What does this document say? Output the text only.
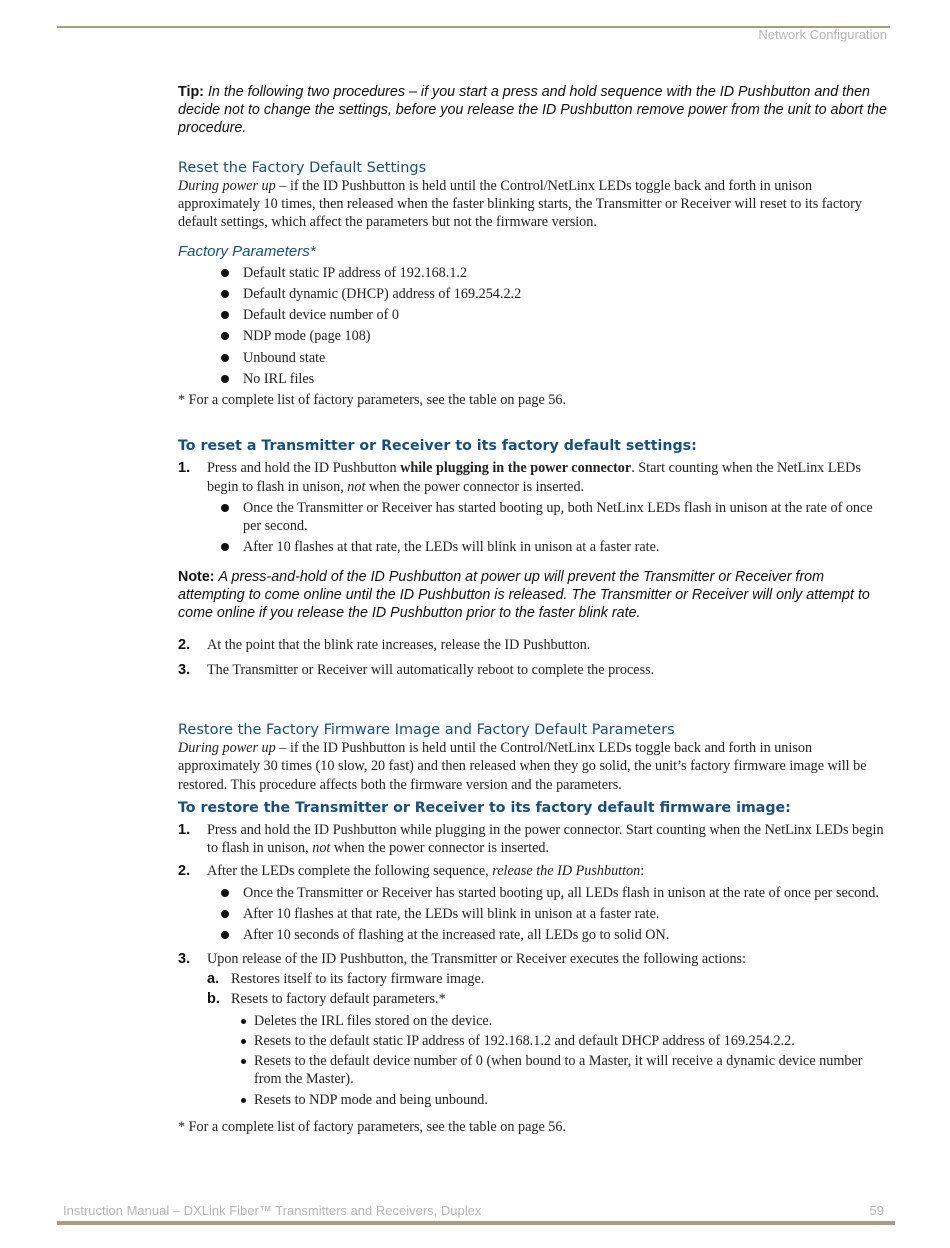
Network Configuration
Tip: In the following two procedures – if you start a press and hold sequence with the ID Pushbutton and then decide not to change the settings, before you release the ID Pushbutton remove power from the unit to abort the procedure.
Reset the Factory Default Settings

During power up – if the ID Pushbutton is held until the Control/NetLinx LEDs toggle back and forth in unison approximately 10 times, then released when the faster blinking starts, the Transmitter or Receiver will reset to its factory default settings, which affect the parameters but not the firmware version.

Factory Parameters*
Default static IP address of 192.168.1.2
Default dynamic (DHCP) address of 169.254.2.2
Default device number of 0
NDP mode (page 108)
Unbound state
No IRL files
* For a complete list of factory parameters, see the table on page 56.
To reset a Transmitter or Receiver to its factory default settings:
1. Press and hold the ID Pushbutton while plugging in the power connector. Start counting when the NetLinx LEDs begin to flash in unison, not when the power connector is inserted.
Once the Transmitter or Receiver has started booting up, both NetLinx LEDs flash in unison at the rate of once per second.
After 10 flashes at that rate, the LEDs will blink in unison at a faster rate.
Note: A press-and-hold of the ID Pushbutton at power up will prevent the Transmitter or Receiver from attempting to come online until the ID Pushbutton is released. The Transmitter or Receiver will only attempt to come online if you release the ID Pushbutton prior to the faster blink rate.
2. At the point that the blink rate increases, release the ID Pushbutton.
3. The Transmitter or Receiver will automatically reboot to complete the process.
Restore the Factory Firmware Image and Factory Default Parameters

During power up – if the ID Pushbutton is held until the Control/NetLinx LEDs toggle back and forth in unison approximately 30 times (10 slow, 20 fast) and then released when they go solid, the unit’s factory firmware image will be restored. This procedure affects both the firmware version and the parameters.

To restore the Transmitter or Receiver to its factory default firmware image:
1. Press and hold the ID Pushbutton while plugging in the power connector. Start counting when the NetLinx LEDs begin to flash in unison, not when the power connector is inserted.
2. After the LEDs complete the following sequence, release the ID Pushbutton:
Once the Transmitter or Receiver has started booting up, all LEDs flash in unison at the rate of once per second.
After 10 flashes at that rate, the LEDs will blink in unison at a faster rate.
After 10 seconds of flashing at the increased rate, all LEDs go to solid ON.
3. Upon release of the ID Pushbutton, the Transmitter or Receiver executes the following actions:
a. Restores itself to its factory firmware image.
b. Resets to factory default parameters.*
Deletes the IRL files stored on the device.
Resets to the default static IP address of 192.168.1.2 and default DHCP address of 169.254.2.2.
Resets to the default device number of 0 (when bound to a Master, it will receive a dynamic device number from the Master).
Resets to NDP mode and being unbound.
* For a complete list of factory parameters, see the table on page 56.
Instruction Manual – DXLink Fiber™ Transmitters and Receivers, Duplex	59
